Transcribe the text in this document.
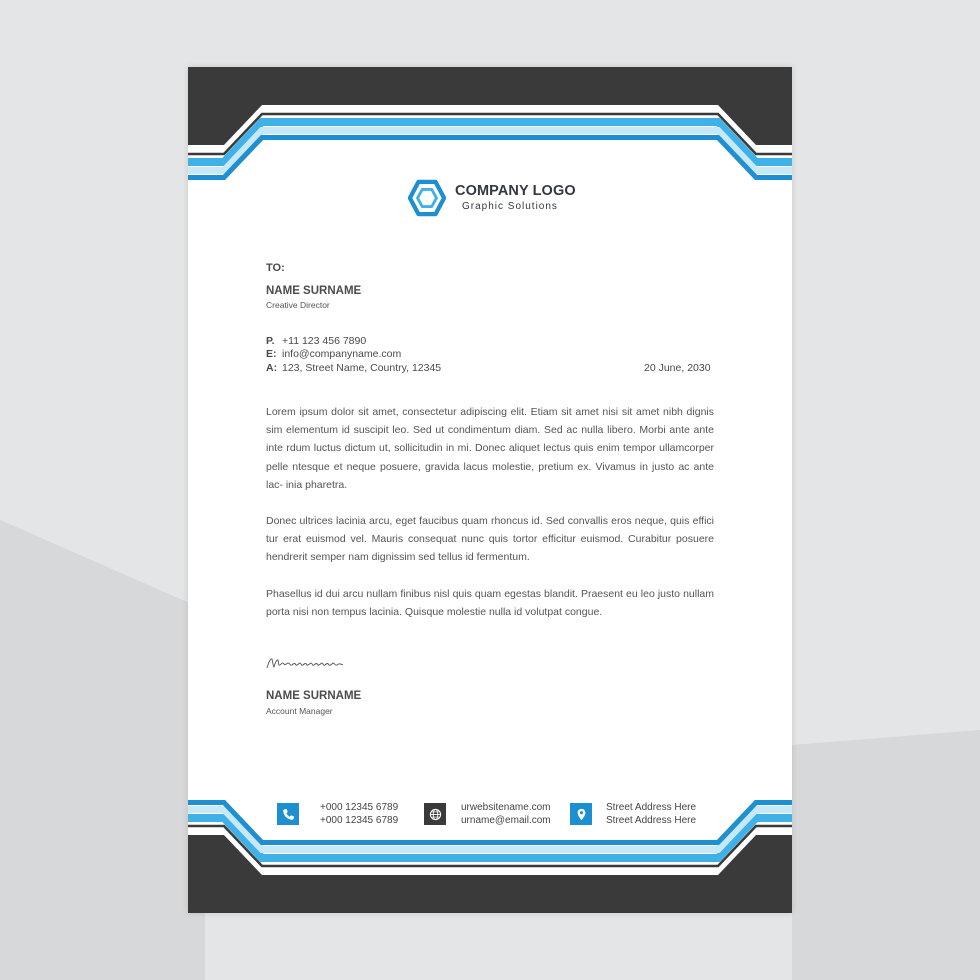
COMPANY LOGO
Graphic Solutions
TO:
NAME SURNAME
Creative Director
P. +11 123 456 7890
E: info@companyname.com
A: 123, Street Name, Country, 12345	20 June, 2030

Lorem ipsum dolor sit amet, consectetur adipiscing elit. Etiam sit amet nisi sit amet nibh dignis sim elementum id suscipit leo. Sed ut condimentum diam. Sed ac nulla libero. Morbi ante ante inte rdum luctus dictum ut, sollicitudin in mi. Donec aliquet lectus quis enim tempor ullamcorper pelle ntesque et neque posuere, gravida lacus molestie, pretium ex. Vivamus in justo ac ante lac- inia pharetra.

Donec ultrices lacinia arcu, eget faucibus quam rhoncus id. Sed convallis eros neque, quis effici tur erat euismod vel. Mauris consequat nunc quis tortor efficitur euismod. Curabitur posuere hendrerit semper nam dignissim sed tellus id fermentum.

Phasellus id dui arcu nullam finibus nisl quis quam egestas blandit. Praesent eu leo justo nullam porta nisi non tempus lacinia. Quisque molestie nulla id volutpat congue.

NAME SURNAME
Account Manager
+000 12345 6789
+000 12345 6789
urwebsitename.com
urname@email.com
Street Address Here
Street Address Here
